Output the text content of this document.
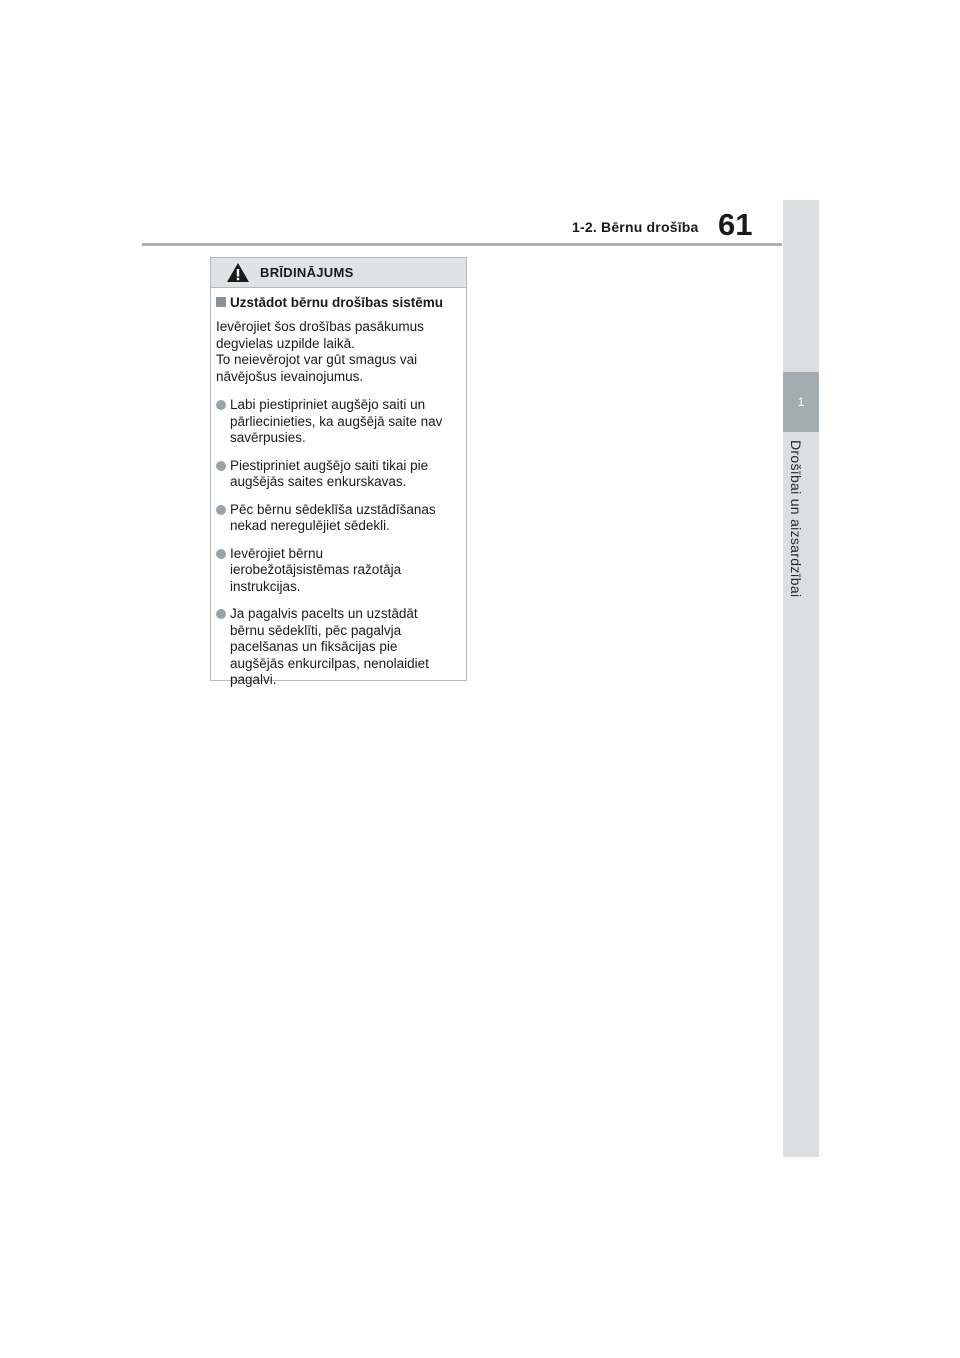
1-2. Bērnu drošība 61
1
Drošībai un aizsardzībai
BRĪDINĀJUMS
Uzstādot bērnu drošības sistēmu
Ievērojiet šos drošības pasākumus
degvielas uzpilde laikā.
To neievērojot var gūt smagus vai
nāvējošus ievainojumus.
Labi piestipriniet augšējo saiti un
pārliecinieties, ka augšējā saite nav
savērpusies.
Piestipriniet augšējo saiti tikai pie
augšējās saites enkurskavas.
Pēc bērnu sēdeklīša uzstādīšanas
nekad neregulējiet sēdekli.
Ievērojiet bērnu
ierobežotājsistēmas ražotāja
instrukcijas.
Ja pagalvis pacelts un uzstādāt
bērnu sēdeklīti, pēc pagalvja
pacelšanas un fiksācijas pie
augšējās enkurcilpas, nenolaidiet
pagalvi.
